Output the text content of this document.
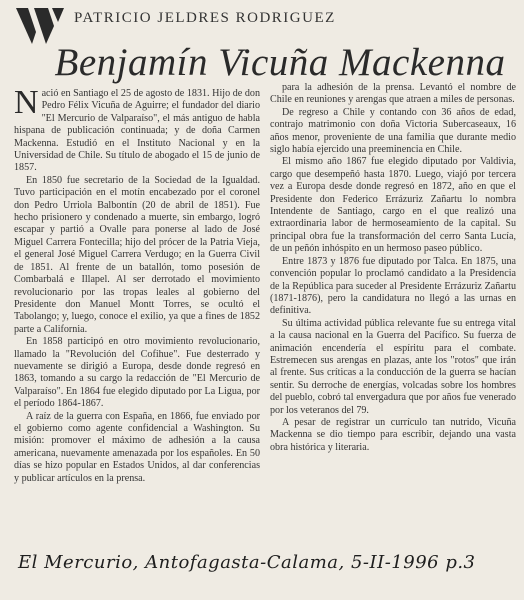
PATRICIO JELDRES RODRIGUEZ
Benjamín Vicuña Mackenna

Nació en Santiago el 25 de agosto de 1831. Hijo de don Pedro Félix Vicuña de Aguirre; el fundador del diario "El Mercurio de Valparaíso", el más antiguo de habla hispana de publicación continuada; y de doña Carmen Mackenna. Estudió en el Instituto Nacional y en la Universidad de Chile. Su título de abogado el 15 de junio de 1857.

En 1850 fue secretario de la Sociedad de la Igualdad. Tuvo participación en el motín encabezado por el coronel don Pedro Urriola Balbontín (20 de abril de 1851). Fue hecho prisionero y condenado a muerte, sin embargo, logró escapar y partió a Ovalle para ponerse al lado de José Miguel Carrera Fontecilla; hijo del prócer de la Patria Vieja, el general José Miguel Carrera Verdugo; en la Guerra Civil de 1851. Al frente de un batallón, tomo posesión de Combarbalá e Illapel. Al ser derrotado el movimiento revolucionario por las tropas leales al gobierno del Presidente don Manuel Montt Torres, se ocultó el Tabolango; y, luego, conoce el exilio, ya que a fines de 1852 parte a California.

En 1858 participó en otro movimiento revolucionario, llamado la "Revolución del Cofihue". Fue desterrado y nuevamente se dirigió a Europa, desde donde regresó en 1863, tomando a su cargo la redacción de "El Mercurio de Valparaíso". En 1864 fue elegido diputado por La Ligua, por el período 1864-1867.

A raíz de la guerra con España, en 1866, fue enviado por el gobierno como agente confidencial a Washington. Su misión: promover el máximo de adhesión a la causa americana, nuevamente amenazada por los españoles. En 50 días se hizo popular en Estados Unidos, al dar conferencias y publicar artículos en la prensa.

para la adhesión de la prensa. Levantó el nombre de Chile en reuniones y arengas que atraen a miles de personas.

De regreso a Chile y contando con 36 años de edad, contrajo matrimonio con doña Victoria Subercaseaux, 16 años menor, proveniente de una familia que durante medio siglo había ejercido una preeminencia en Chile.

El mismo año 1867 fue elegido diputado por Valdivia, cargo que desempeñó hasta 1870. Luego, viajó por tercera vez a Europa desde donde regresó en 1872, año en que el Presidente don Federico Errázuriz Zañartu lo nombra Intendente de Santiago, cargo en el que realizó una extraordinaria labor de hermoseamiento de la capital. Su principal obra fue la transformación del cerro Santa Lucía, de un peñón inhóspito en un hermoso paseo público.

Entre 1873 y 1876 fue diputado por Talca. En 1875, una convención popular lo proclamó candidato a la Presidencia de la República para suceder al Presidente Errázuriz Zañartu (1871-1876), pero la candidatura no llegó a las urnas en definitiva.

Su última actividad pública relevante fue su entrega vital a la causa nacional en la Guerra del Pacífico. Su fuerza de animación encendería el espíritu para el combate. Estremecen sus arengas en plazas, ante los "rotos" que irán al frente. Sus críticas a la conducción de la guerra se hacían sentir. Su derroche de energías, volcadas sobre los hombres del pueblo, cobró tal envergadura que por años fue venerado por los veteranos del 79.

A pesar de registrar un currículo tan nutrido, Vicuña Mackenna se dio tiempo para escribir, dejando una vasta obra histórica y literaria.

El Mercurio, Antofagasta-Calama, 5-II-1996 p.3
